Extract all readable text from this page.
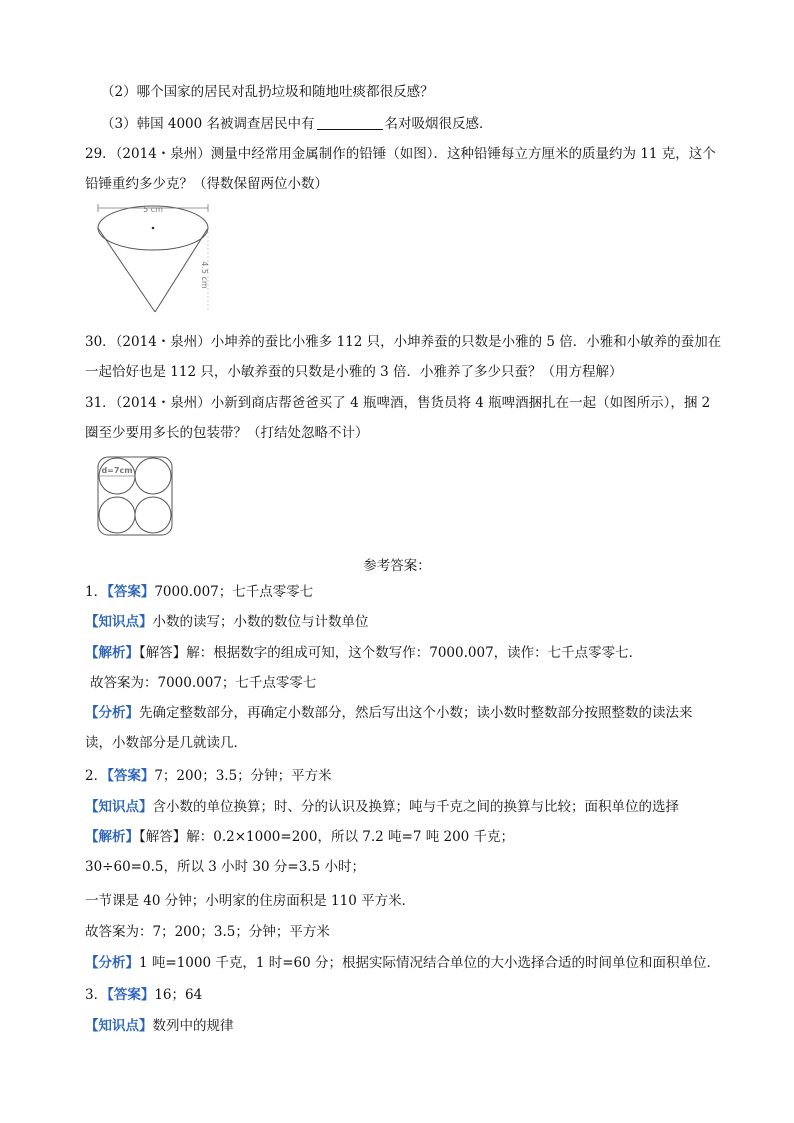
（2）哪个国家的居民对乱扔垃圾和随地吐痰都很反感？
（3）韩国 4000 名被调查居民中有	名对吸烟很反感．
29．（2014・泉州）测量中经常用金属制作的铅锤（如图）．这种铅锤每立方厘米的质量约为 11 克，这个
铅锤重约多少克？（得数保留两位小数）
5 cm
4.5 cm
30．（2014・泉州）小坤养的蚕比小雅多 112 只，小坤养蚕的只数是小雅的 5 倍．小雅和小敏养的蚕加在
一起恰好也是 112 只，小敏养蚕的只数是小雅的 3 倍．小雅养了多少只蚕？（用方程解）
31．（2014・泉州）小新到商店帮爸爸买了 4 瓶啤酒，售货员将 4 瓶啤酒捆扎在一起（如图所示），捆 2
圈至少要用多长的包装带？（打结处忽略不计）
d=7cm
参考答案：
1．【答案】7000.007；七千点零零七
【知识点】小数的读写；小数的数位与计数单位
【解析】【解答】解：根据数字的组成可知，这个数写作：7000.007，读作：七千点零零七．
故答案为：7000.007；七千点零零七
【分析】先确定整数部分，再确定小数部分，然后写出这个小数；读小数时整数部分按照整数的读法来
读，小数部分是几就读几．
2．【答案】7；200；3.5；分钟；平方米
【知识点】含小数的单位换算；时、分的认识及换算；吨与千克之间的换算与比较；面积单位的选择
【解析】【解答】解：0.2×1000=200，所以 7.2 吨=7 吨 200 千克；
30÷60=0.5，所以 3 小时 30 分=3.5 小时；
一节课是 40 分钟；小明家的住房面积是 110 平方米．
故答案为：7；200；3.5；分钟；平方米
【分析】1 吨=1000 千克，1 时=60 分；根据实际情况结合单位的大小选择合适的时间单位和面积单位．
3．【答案】16；64
【知识点】数列中的规律
